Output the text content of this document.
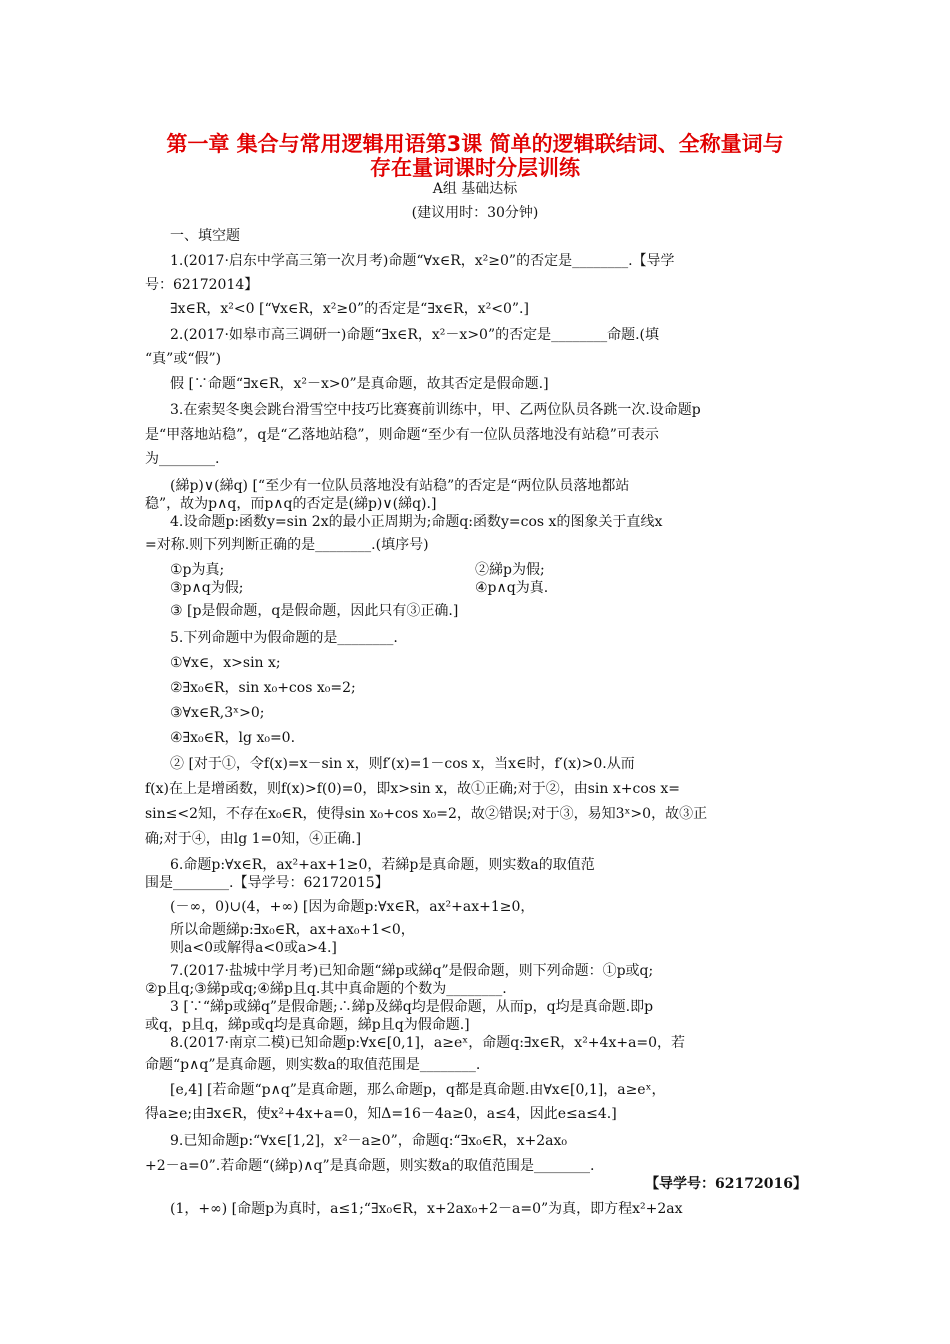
第一章 集合与常用逻辑用语第3课 简单的逻辑联结词、全称量词与
存在量词课时分层训练
A组 基础达标
(建议用时：30分钟)
一、填空题
1.(2017·启东中学高三第一次月考)命题“∀x∈R，x²≥0”的否定是________.【导学
号：62172014】
∃x∈R，x²<0 [“∀x∈R，x²≥0”的否定是“∃x∈R，x²<0”.]
2.(2017·如皋市高三调研一)命题“∃x∈R，x²－x>0”的否定是________命题.(填
“真”或“假”)
假 [∵命题“∃x∈R，x²－x>0”是真命题，故其否定是假命题.]
3.在索契冬奥会跳台滑雪空中技巧比赛赛前训练中，甲、乙两位队员各跳一次.设命题p
是“甲落地站稳”，q是“乙落地站稳”，则命题“至少有一位队员落地没有站稳”可表示
为________.
(綈p)∨(綈q) [“至少有一位队员落地没有站稳”的否定是“两位队员落地都站
稳”，故为p∧q，而p∧q的否定是(綈p)∨(綈q).]
4.设命题p:函数y=sin 2x的最小正周期为;命题q:函数y=cos x的图象关于直线x
=对称.则下列判断正确的是________.(填序号)
①p为真;	②綈p为假;
③p∧q为假;	④p∧q为真.
③ [p是假命题，q是假命题，因此只有③正确.]
5.下列命题中为假命题的是________.
①∀x∈，x>sin x;
②∃x₀∈R，sin x₀+cos x₀=2;
③∀x∈R,3ˣ>0;
④∃x₀∈R，lg x₀=0.
② [对于①，令f(x)=x－sin x，则f′(x)=1－cos x，当x∈时，f′(x)>0.从而
f(x)在上是增函数，则f(x)>f(0)=0，即x>sin x，故①正确;对于②，由sin x+cos x=
sin≤<2知，不存在x₀∈R，使得sin x₀+cos x₀=2，故②错误;对于③，易知3ˣ>0，故③正
确;对于④，由lg 1=0知，④正确.]
6.命题p:∀x∈R，ax²+ax+1≥0，若綈p是真命题，则实数a的取值范
围是________.【导学号：62172015】
(－∞，0)∪(4，+∞) [因为命题p:∀x∈R，ax²+ax+1≥0，
所以命题綈p:∃x₀∈R，ax+ax₀+1<0，
则a<0或解得a<0或a>4.]
7.(2017·盐城中学月考)已知命题“綈p或綈q”是假命题，则下列命题：①p或q;
②p且q;③綈p或q;④綈p且q.其中真命题的个数为________.
3 [∵“綈p或綈q”是假命题;∴綈p及綈q均是假命题，从而p，q均是真命题.即p
或q，p且q，綈p或q均是真命题，綈p且q为假命题.]
8.(2017·南京二模)已知命题p:∀x∈[0,1]，a≥eˣ，命题q:∃x∈R，x²+4x+a=0，若
命题“p∧q”是真命题，则实数a的取值范围是________.
[e,4] [若命题“p∧q”是真命题，那么命题p，q都是真命题.由∀x∈[0,1]，a≥eˣ，
得a≥e;由∃x∈R，使x²+4x+a=0，知Δ=16－4a≥0，a≤4，因此e≤a≤4.]
9.已知命题p:“∀x∈[1,2]，x²－a≥0”，命题q:“∃x₀∈R，x+2ax₀
+2－a=0”.若命题“(綈p)∧q”是真命题，则实数a的取值范围是________.
【导学号：62172016】
(1，+∞) [命题p为真时，a≤1;“∃x₀∈R，x+2ax₀+2－a=0”为真，即方程x²+2ax
